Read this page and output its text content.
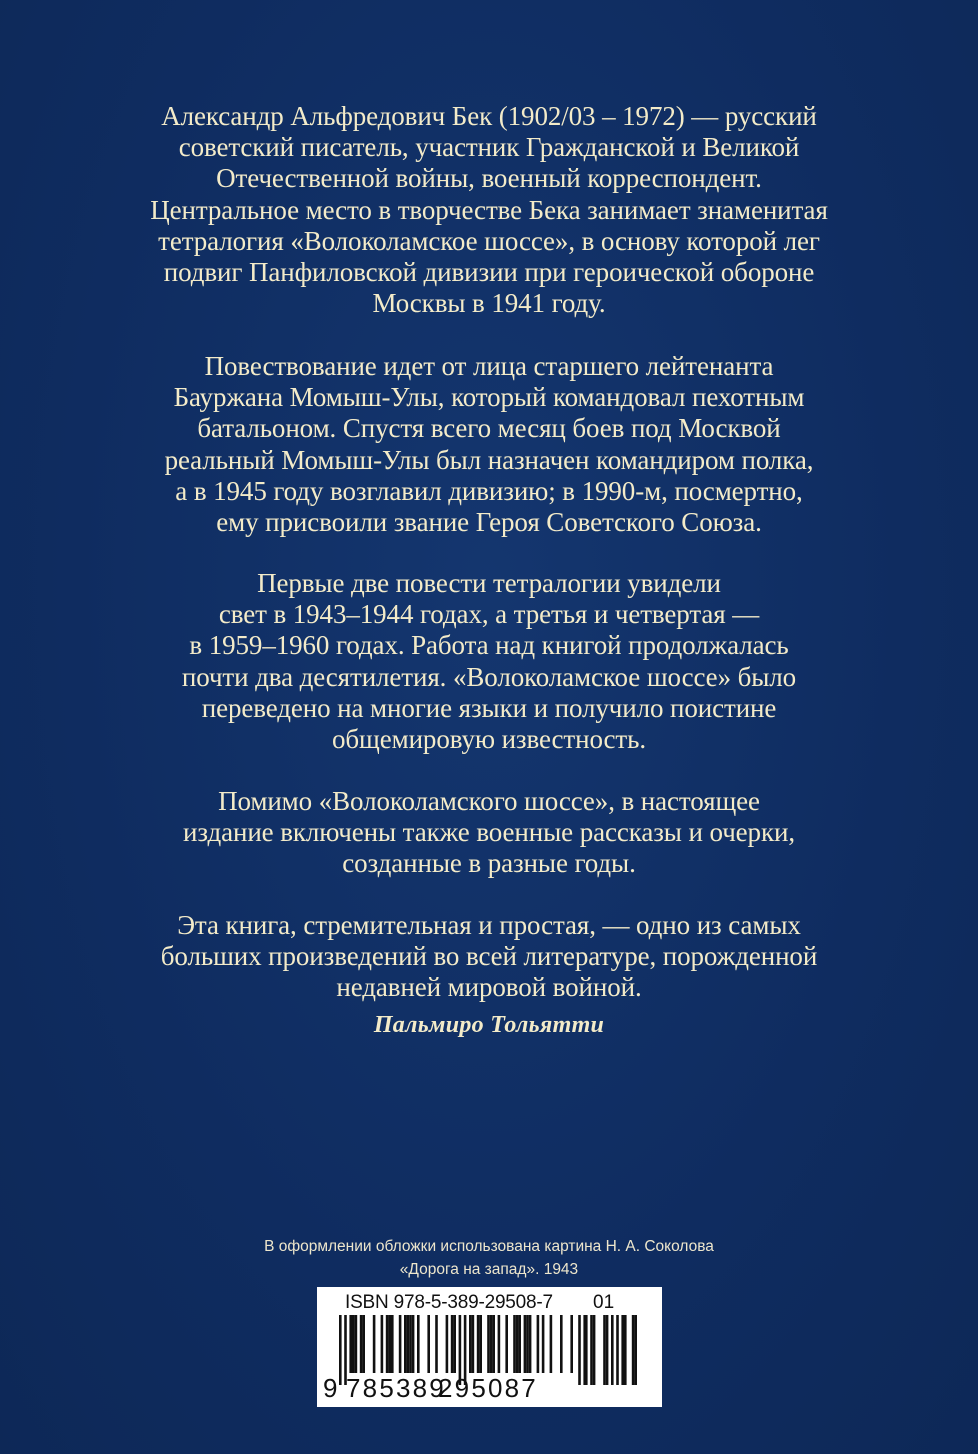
Александр Альфредович Бек (1902/03 – 1972) — русский
советский писатель, участник Гражданской и Великой
Отечественной войны, военный корреспондент.
Центральное место в творчестве Бека занимает знаменитая
тетралогия «Волоколамское шоссе», в основу которой лег
подвиг Панфиловской дивизии при героической обороне
Москвы в 1941 году.
Повествование идет от лица старшего лейтенанта
Бауржана Момыш-Улы, который командовал пехотным
батальоном. Спустя всего месяц боев под Москвой
реальный Момыш-Улы был назначен командиром полка,
а в 1945 году возглавил дивизию; в 1990-м, посмертно,
ему присвоили звание Героя Советского Союза.
Первые две повести тетралогии увидели
свет в 1943–1944 годах, а третья и четвертая —
в 1959–1960 годах. Работа над книгой продолжалась
почти два десятилетия. «Волоколамское шоссе» было
переведено на многие языки и получило поистине
общемировую известность.
Помимо «Волоколамского шоссе», в настоящее
издание включены также военные рассказы и очерки,
созданные в разные годы.
Эта книга, стремительная и простая, — одно из самых
больших произведений во всей литературе, порожденной
недавней мировой войной.
Пальмиро Тольятти
В оформлении обложки использована картина Н. А. Соколова
«Дорога на запад». 1943
ISBN 978-5-389-29508-7 01
9 785389
295087
